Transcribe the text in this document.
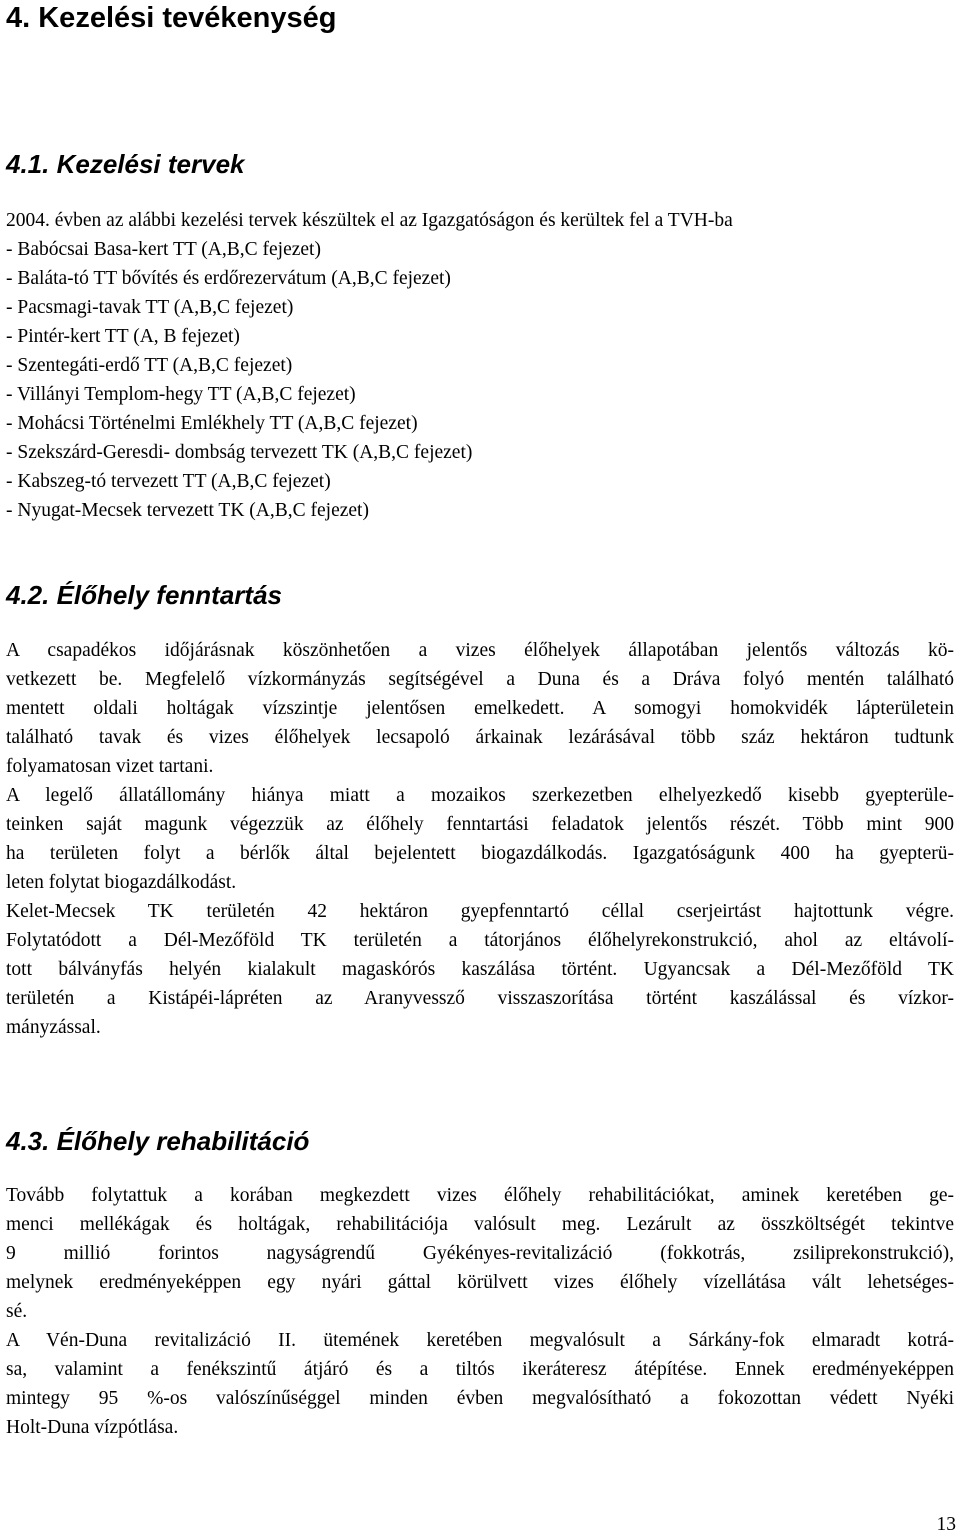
4. Kezelési tevékenység
4.1. Kezelési tervek
2004. évben az alábbi kezelési tervek készültek el az Igazgatóságon és kerültek fel a TVH-ba
- Babócsai Basa-kert TT (A,B,C fejezet)
- Baláta-tó TT bővítés és erdőrezervátum (A,B,C fejezet)
- Pacsmagi-tavak TT (A,B,C fejezet)
- Pintér-kert TT (A, B fejezet)
- Szentegáti-erdő TT (A,B,C fejezet)
- Villányi Templom-hegy TT (A,B,C fejezet)
- Mohácsi Történelmi Emlékhely TT (A,B,C fejezet)
- Szekszárd-Geresdi- dombság tervezett TK (A,B,C fejezet)
- Kabszeg-tó tervezett TT (A,B,C fejezet)
- Nyugat-Mecsek tervezett TK (A,B,C fejezet)
4.2. Élőhely fenntartás
A csapadékos időjárásnak köszönhetően a vizes élőhelyek állapotában jelentős változás kö-
vetkezett be. Megfelelő vízkormányzás segítségével a Duna és a Dráva folyó mentén található
mentett oldali holtágak vízszintje jelentősen emelkedett. A somogyi homokvidék lápterületein
található tavak és vizes élőhelyek lecsapoló árkainak lezárásával több száz hektáron tudtunk
folyamatosan vizet tartani.
A legelő állatállomány hiánya miatt a mozaikos szerkezetben elhelyezkedő kisebb gyepterüle-
teinken saját magunk végezzük az élőhely fenntartási feladatok jelentős részét. Több mint 900
ha területen folyt a bérlők által bejelentett biogazdálkodás. Igazgatóságunk 400 ha gyepterü-
leten folytat biogazdálkodást.
Kelet-Mecsek TK területén 42 hektáron gyepfenntartó céllal cserjeirtást hajtottunk végre.
Folytatódott a Dél-Mezőföld TK területén a tátorjános élőhelyrekonstrukció, ahol az eltávolí-
tott bálványfás helyén kialakult magaskórós kaszálása történt. Ugyancsak a Dél-Mezőföld TK
területén a Kistápéi-lápréten az Aranyvessző visszaszorítása történt kaszálással és vízkor-
mányzással.
4.3. Élőhely rehabilitáció
Tovább folytattuk a korában megkezdett vizes élőhely rehabilitációkat, aminek keretében ge-
menci mellékágak és holtágak, rehabilitációja valósult meg. Lezárult az összköltségét tekintve
9 millió forintos nagyságrendű Gyékényes-revitalizáció (fokkotrás, zsiliprekonstrukció),
melynek eredményeképpen egy nyári gáttal körülvett vizes élőhely vízellátása vált lehetséges-
sé.
A Vén-Duna revitalizáció II. ütemének keretében megvalósult a Sárkány-fok elmaradt kotrá-
sa, valamint a fenékszintű átjáró és a tiltós ikeráteresz átépítése. Ennek eredményeképpen
mintegy 95 %-os valószínűséggel minden évben megvalósítható a fokozottan védett Nyéki
Holt-Duna vízpótlása.
13
